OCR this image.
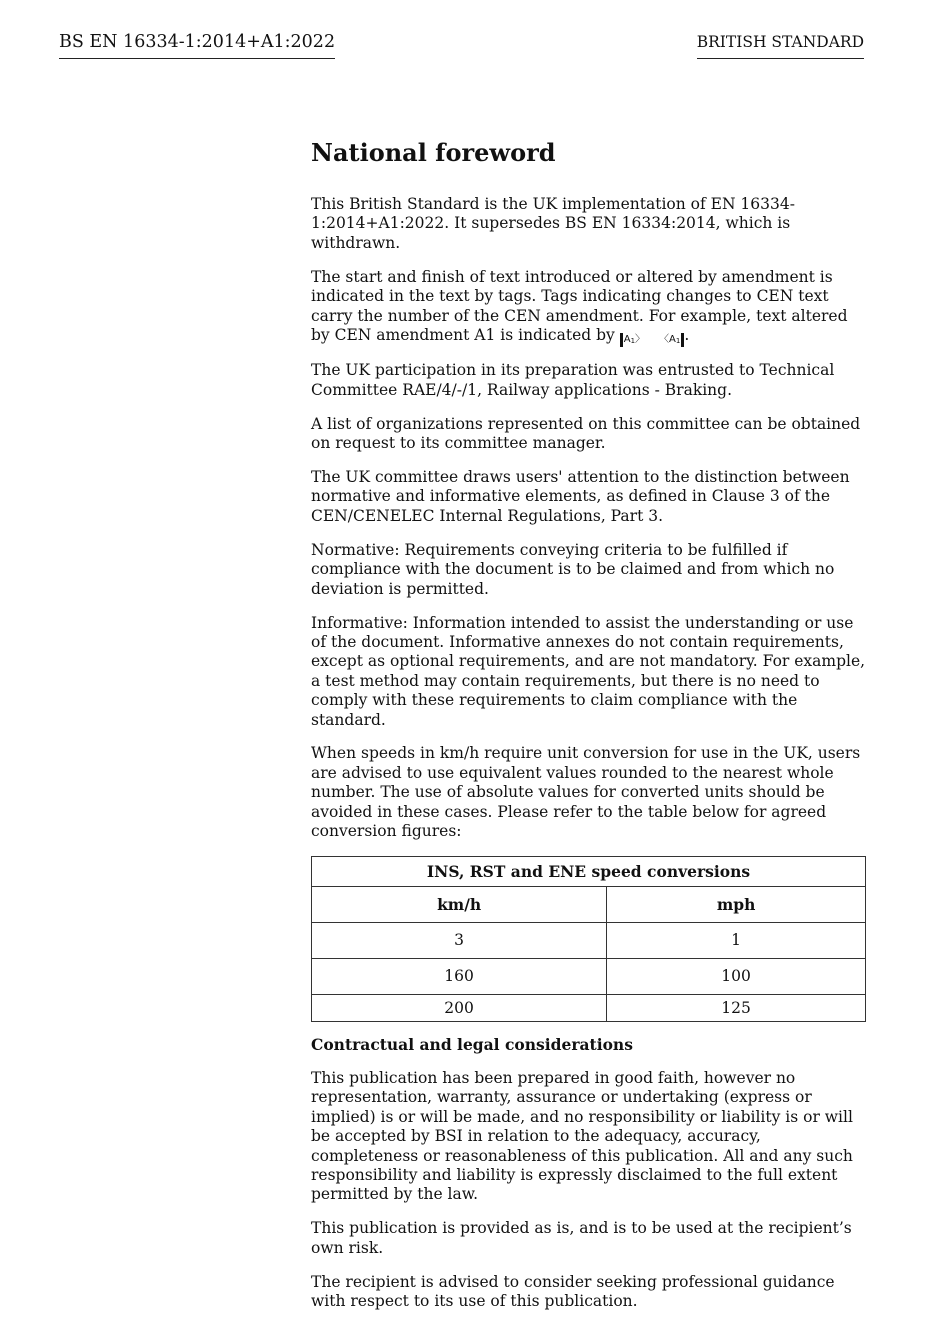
BS EN 16334-1:2014+A1:2022	BRITISH STANDARD
National foreword

This British Standard is the UK implementation of EN 16334-1:2014+A1:2022. It supersedes BS EN 16334:2014, which is withdrawn.

The start and finish of text introduced or altered by amendment is indicated in the text by tags. Tags indicating changes to CEN text carry the number of the CEN amendment. For example, text altered by CEN amendment A1 is indicated by $A_1〉$ $〈A_1$ .

The UK participation in its preparation was entrusted to Technical Committee RAE/4/-/1, Railway applications - Braking.

A list of organizations represented on this committee can be obtained on request to its committee manager.

The UK committee draws users' attention to the distinction between normative and informative elements, as defined in Clause 3 of the CEN/CENELEC Internal Regulations, Part 3.

Normative: Requirements conveying criteria to be fulfilled if compliance with the document is to be claimed and from which no deviation is permitted.

Informative: Information intended to assist the understanding or use of the document. Informative annexes do not contain requirements, except as optional requirements, and are not mandatory. For example, a test method may contain requirements, but there is no need to comply with these requirements to claim compliance with the standard.

When speeds in km/h require unit conversion for use in the UK, users are advised to use equivalent values rounded to the nearest whole number. The use of absolute values for converted units should be avoided in these cases. Please refer to the table below for agreed conversion figures:

INS, RST and ENE speed conversions	
km/h	mph
3	1
160	100
200	125

Contractual and legal considerations

This publication has been prepared in good faith, however no representation, warranty, assurance or undertaking (express or implied) is or will be made, and no responsibility or liability is or will be accepted by BSI in relation to the adequacy, accuracy, completeness or reasonableness of this publication. All and any such responsibility and liability is expressly disclaimed to the full extent permitted by the law.

This publication is provided as is, and is to be used at the recipient’s own risk.

The recipient is advised to consider seeking professional guidance with respect to its use of this publication.
